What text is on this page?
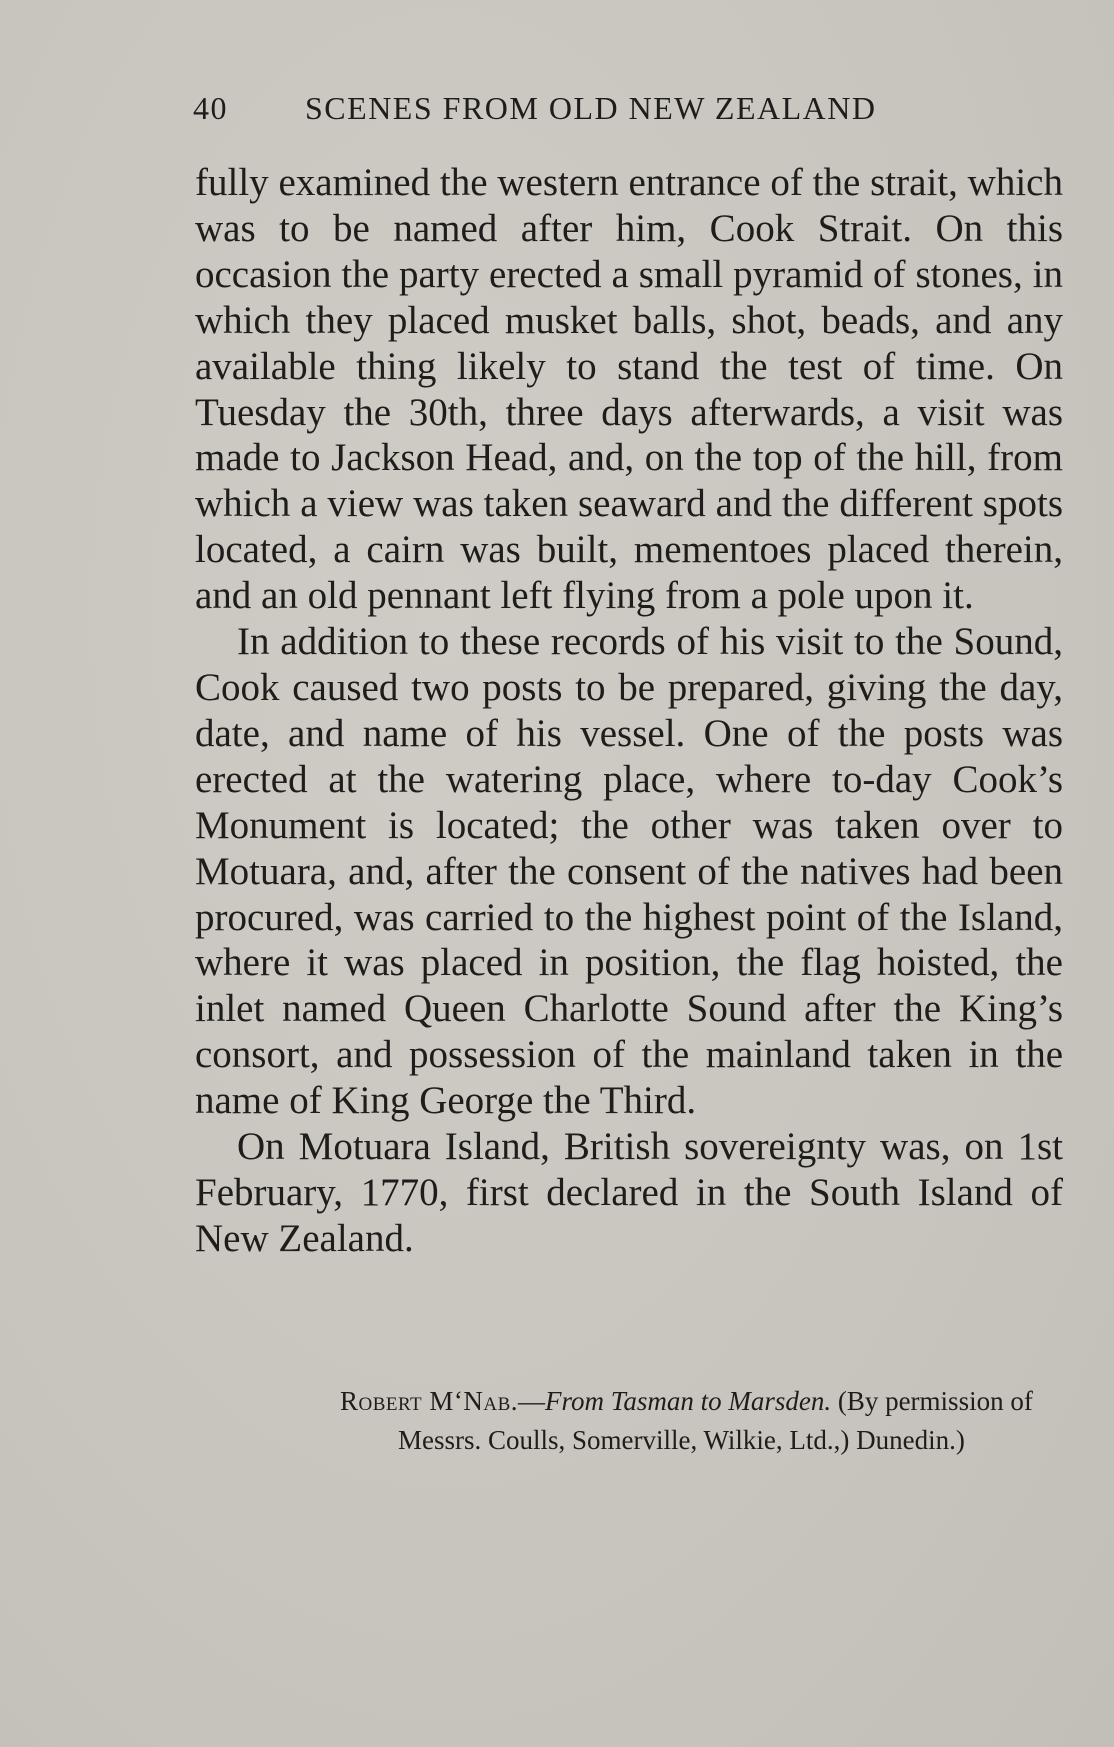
40 SCENES FROM OLD NEW ZEALAND

fully examined the western entrance of the strait, which was to be named after him, Cook Strait. On this occasion the party erected a small pyramid of stones, in which they placed musket balls, shot, beads, and any available thing likely to stand the test of time. On Tuesday the 30th, three days afterwards, a visit was made to Jackson Head, and, on the top of the hill, from which a view was taken seaward and the different spots located, a cairn was built, mementoes placed therein, and an old pennant left flying from a pole upon it.

In addition to these records of his visit to the Sound, Cook caused two posts to be prepared, giving the day, date, and name of his vessel. One of the posts was erected at the watering place, where to-day Cook’s Monument is located; the other was taken over to Motuara, and, after the consent of the natives had been procured, was carried to the highest point of the Island, where it was placed in position, the flag hoisted, the inlet named Queen Charlotte Sound after the King’s consort, and possession of the mainland taken in the name of King George the Third.

On Motuara Island, British sovereignty was, on 1st February, 1770, first declared in the South Island of New Zealand.

Robert M‘Nab.—From Tasman to Marsden. (By permission of Messrs. Coulls, Somerville, Wilkie, Ltd.,) Dunedin.)
